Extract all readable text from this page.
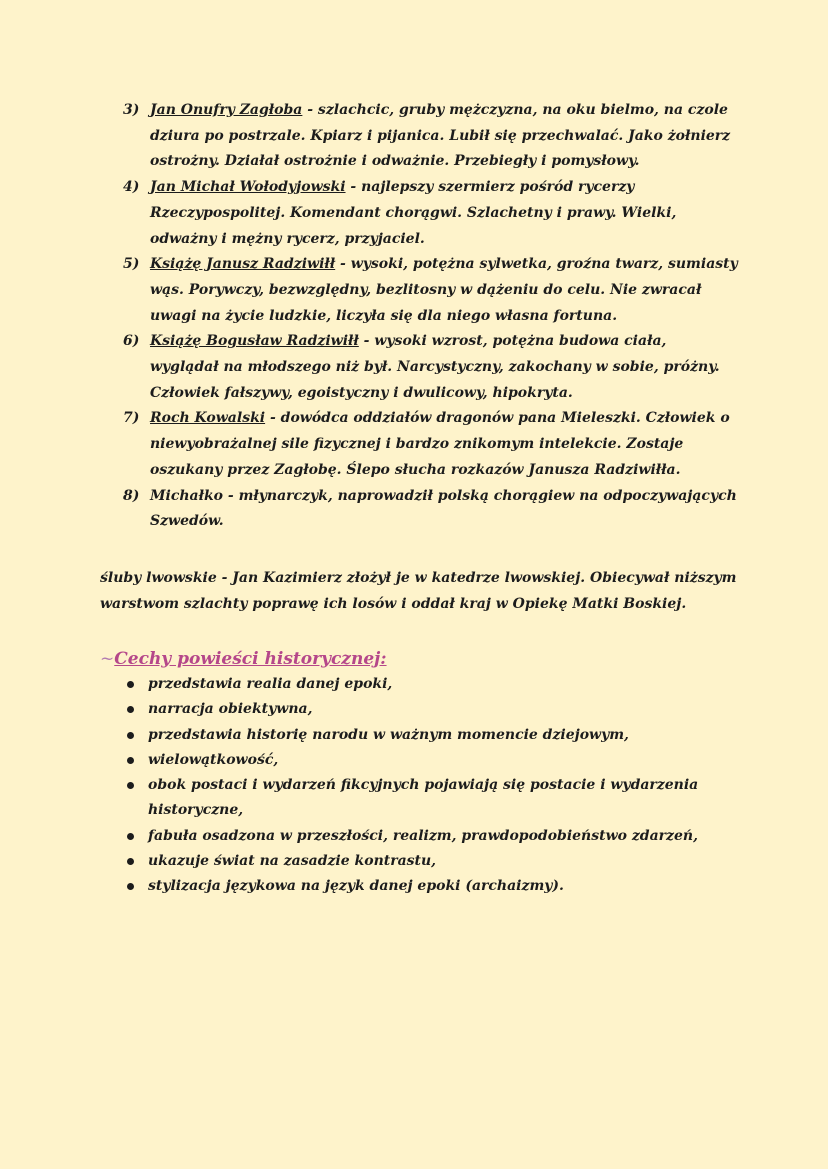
3) Jan Onufry Zagłoba - szlachcic, gruby mężczyzna, na oku bielmo, na czole dziura po postrzale. Kpiarz i pijanica. Lubił się przechwalać. Jako żołnierz ostrożny. Działał ostrożnie i odważnie. Przebiegły i pomysłowy.
4) Jan Michał Wołodyjowski - najlepszy szermierz pośród rycerzy Rzeczypospolitej. Komendant chorągwi. Szlachetny i prawy. Wielki, odważny i mężny rycerz, przyjaciel.
5) Książę Janusz Radziwiłł - wysoki, potężna sylwetka, groźna twarz, sumiasty wąs. Porywczy, bezwzględny, bezlitosny w dążeniu do celu. Nie zwracał uwagi na życie ludzkie, liczyła się dla niego własna fortuna.
6) Książę Bogusław Radziwiłł - wysoki wzrost, potężna budowa ciała, wyglądał na młodszego niż był. Narcystyczny, zakochany w sobie, próżny. Człowiek fałszywy, egoistyczny i dwulicowy, hipokryta.
7) Roch Kowalski - dowódca oddziałów dragonów pana Mieleszki. Człowiek o niewyobrażalnej sile fizycznej i bardzo znikomym intelekcie. Zostaje oszukany przez Zagłobę. Ślepo słucha rozkazów Janusza Radziwiłła.
8) Michałko - młynarczyk, naprowadził polską chorągiew na odpoczywających Szwedów.

śluby lwowskie - Jan Kazimierz złożył je w katedrze lwowskiej. Obiecywał niższym warstwom szlachty poprawę ich losów i oddał kraj w Opiekę Matki Boskiej.

~Cechy powieści historycznej:

przedstawia realia danej epoki,
narracja obiektywna,
przedstawia historię narodu w ważnym momencie dziejowym,
wielowątkowość,
obok postaci i wydarzeń fikcyjnych pojawiają się postacie i wydarzenia historyczne,
fabuła osadzona w przeszłości, realizm, prawdopodobieństwo zdarzeń,
ukazuje świat na zasadzie kontrastu,
stylizacja językowa na język danej epoki (archaizmy).
